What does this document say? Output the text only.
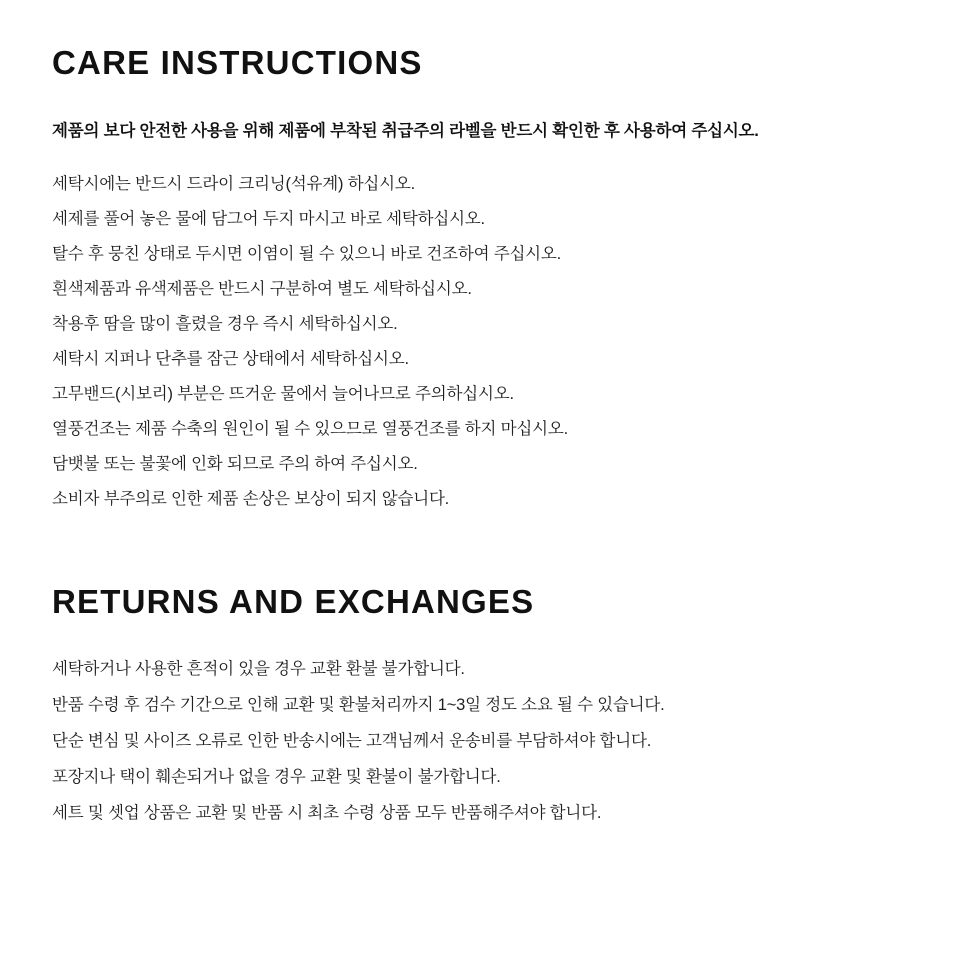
CARE INSTRUCTIONS

제품의 보다 안전한 사용을 위해 제품에 부착된 취급주의 라벨을 반드시 확인한 후 사용하여 주십시오.

세탁시에는 반드시 드라이 크리닝(석유계) 하십시오.
세제를 풀어 놓은 물에 담그어 두지 마시고 바로 세탁하십시오.
탈수 후 뭉친 상태로 두시면 이염이 될 수 있으니 바로 건조하여 주십시오.
흰색제품과 유색제품은 반드시 구분하여 별도 세탁하십시오.
착용후 땀을 많이 흘렸을 경우 즉시 세탁하십시오.
세탁시 지퍼나 단추를 잠근 상태에서 세탁하십시오.
고무밴드(시보리) 부분은 뜨거운 물에서 늘어나므로 주의하십시오.
열풍건조는 제품 수축의 원인이 될 수 있으므로 열풍건조를 하지 마십시오.
담뱃불 또는 불꽃에 인화 되므로 주의 하여 주십시오.
소비자 부주의로 인한 제품 손상은 보상이 되지 않습니다.
RETURNS AND EXCHANGES
세탁하거나 사용한 흔적이 있을 경우 교환 환불 불가합니다.
반품 수령 후 검수 기간으로 인해 교환 및 환불처리까지 1~3일 정도 소요 될 수 있습니다.
단순 변심 및 사이즈 오류로 인한 반송시에는 고객님께서 운송비를 부담하셔야 합니다.
포장지나 택이 훼손되거나 없을 경우 교환 및 환불이 불가합니다.
세트 및 셋업 상품은 교환 및 반품 시 최초 수령 상품 모두 반품해주셔야 합니다.
